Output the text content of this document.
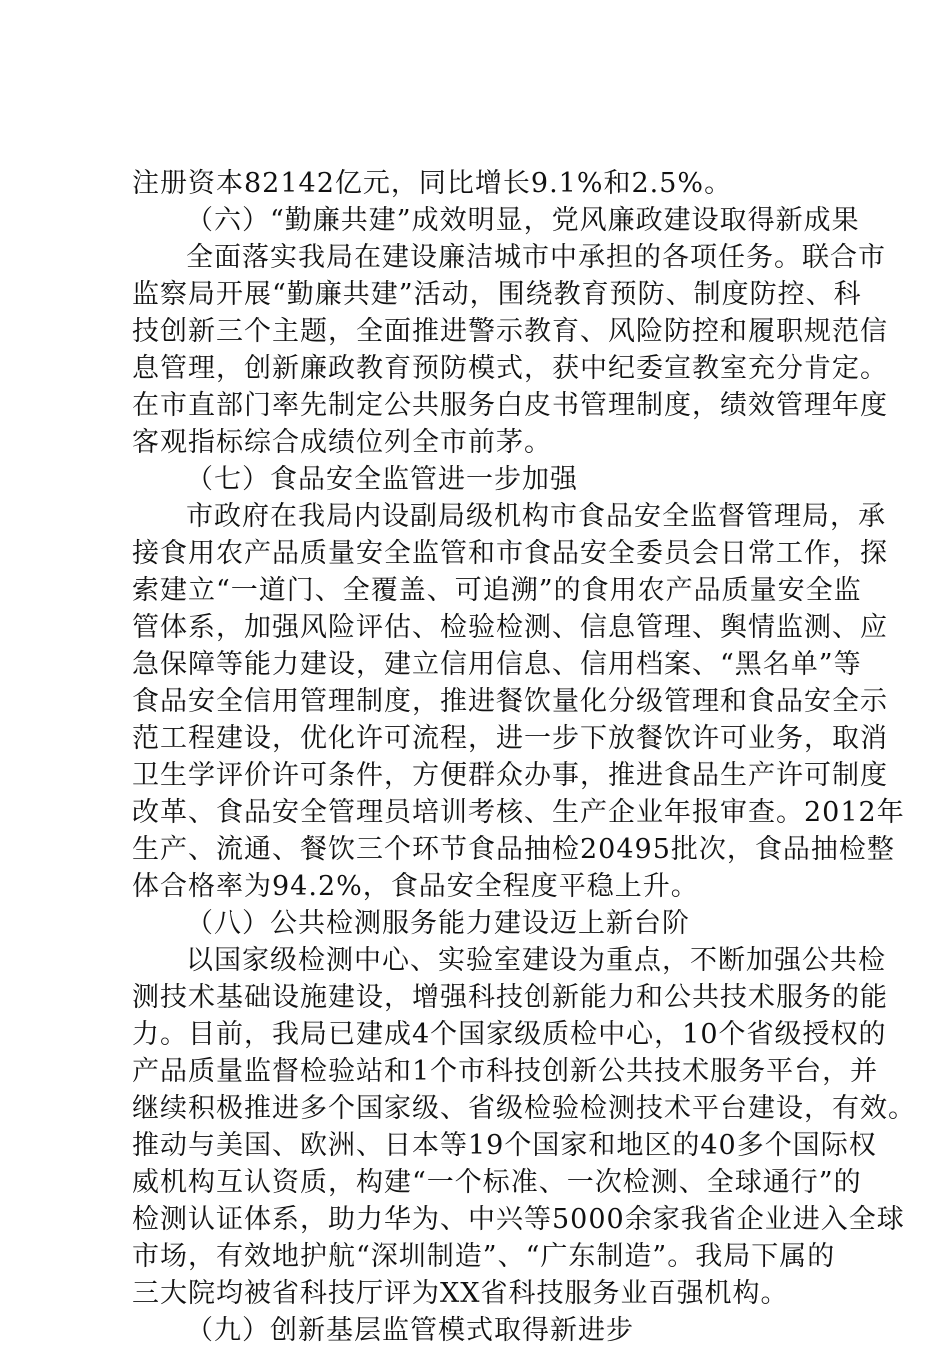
注册资本82142亿元，同比增长9.1%和2.5%。
（六）“勤廉共建”成效明显，党风廉政建设取得新成果
全面落实我局在建设廉洁城市中承担的各项任务。联合市
监察局开展“勤廉共建”活动，围绕教育预防、制度防控、科
技创新三个主题，全面推进警示教育、风险防控和履职规范信
息管理，创新廉政教育预防模式，获中纪委宣教室充分肯定。
在市直部门率先制定公共服务白皮书管理制度，绩效管理年度
客观指标综合成绩位列全市前茅。
（七）食品安全监管进一步加强
市政府在我局内设副局级机构市食品安全监督管理局，承
接食用农产品质量安全监管和市食品安全委员会日常工作，探
索建立“一道门、全覆盖、可追溯”的食用农产品质量安全监
管体系，加强风险评估、检验检测、信息管理、舆情监测、应
急保障等能力建设，建立信用信息、信用档案、“黑名单”等
食品安全信用管理制度，推进餐饮量化分级管理和食品安全示
范工程建设，优化许可流程，进一步下放餐饮许可业务，取消
卫生学评价许可条件，方便群众办事，推进食品生产许可制度
改革、食品安全管理员培训考核、生产企业年报审查。2012年
生产、流通、餐饮三个环节食品抽检20495批次，食品抽检整
体合格率为94.2%，食品安全程度平稳上升。
（八）公共检测服务能力建设迈上新台阶
以国家级检测中心、实验室建设为重点，不断加强公共检
测技术基础设施建设，增强科技创新能力和公共技术服务的能
力。目前，我局已建成4个国家级质检中心，10个省级授权的
产品质量监督检验站和1个市科技创新公共技术服务平台，并
继续积极推进多个国家级、省级检验检测技术平台建设，有效。
推动与美国、欧洲、日本等19个国家和地区的40多个国际权
威机构互认资质，构建“一个标准、一次检测、全球通行”的
检测认证体系，助力华为、中兴等5000余家我省企业进入全球
市场，有效地护航“深圳制造”、“广东制造”。我局下属的
三大院均被省科技厅评为XX省科技服务业百强机构。
（九）创新基层监管模式取得新进步
